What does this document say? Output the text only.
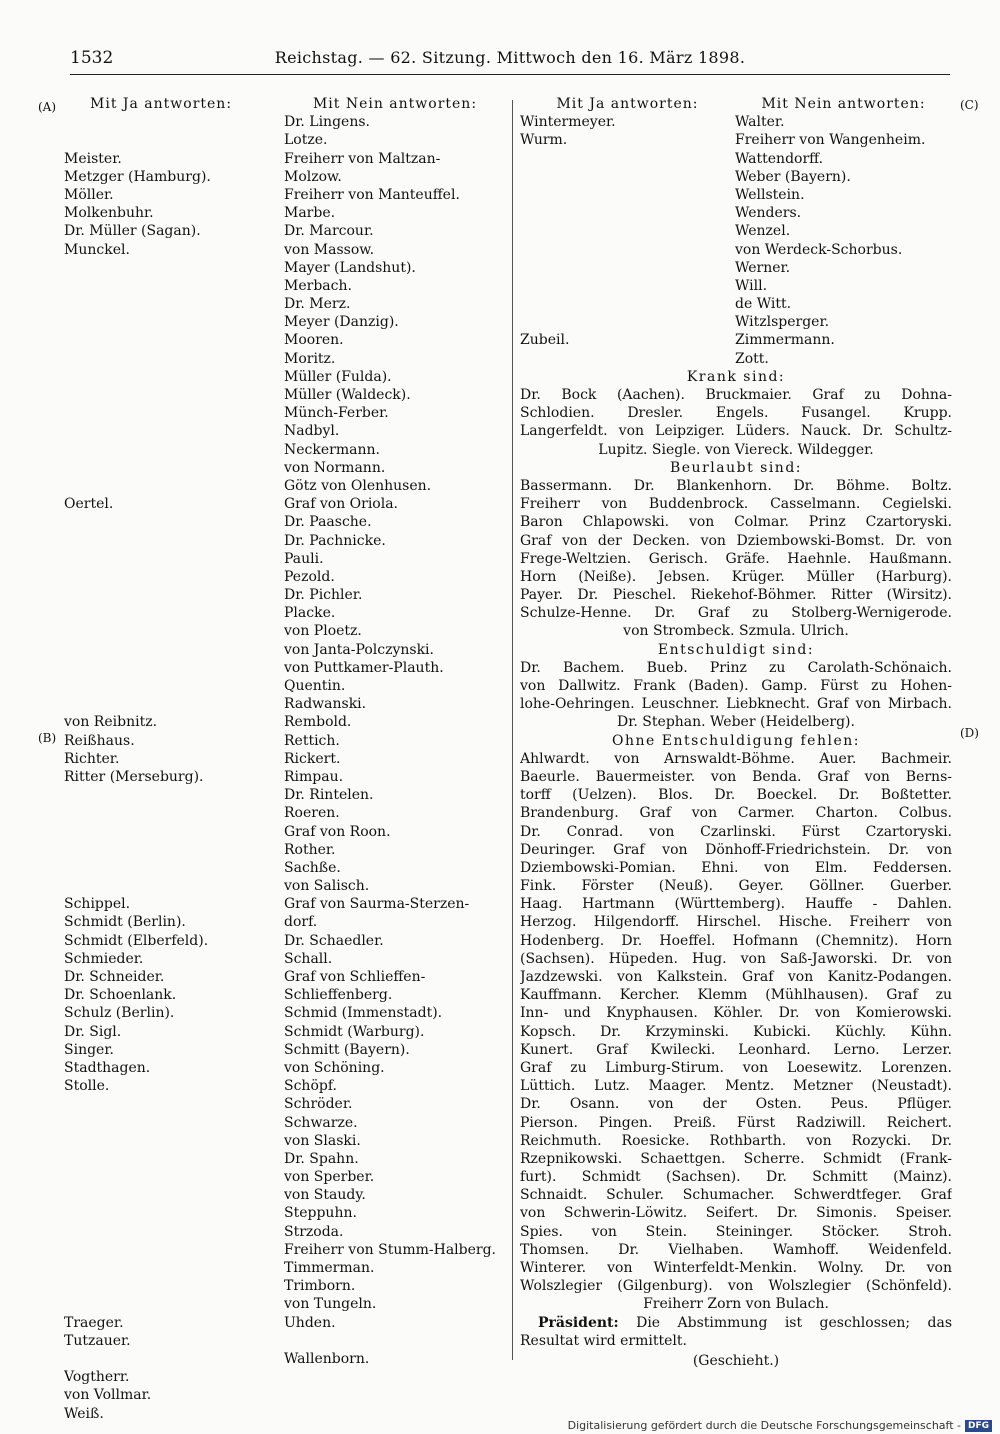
1532	Reichstag. — 62. Sitzung. Mittwoch den 16. März 1898.
(A)
(B)
(C)
(D)
Mit Ja antworten:
Meister.
Metzger (Hamburg).
Möller.
Molkenbuhr.
Dr. Müller (Sagan).
Munckel.
Oertel.
von Reibnitz.
Reißhaus.
Richter.
Ritter (Merseburg).
Schippel.
Schmidt (Berlin).
Schmidt (Elberfeld).
Schmieder.
Dr. Schneider.
Dr. Schoenlank.
Schulz (Berlin).
Dr. Sigl.
Singer.
Stadthagen.
Stolle.
Traeger.
Tutzauer.
Vogtherr.
von Vollmar.
Weiß.
Mit Nein antworten:
Dr. Lingens.
Lotze.
Freiherr von Maltzan-
Molzow.
Freiherr von Manteuffel.
Marbe.
Dr. Marcour.
von Massow.
Mayer (Landshut).
Merbach.
Dr. Merz.
Meyer (Danzig).
Mooren.
Moritz.
Müller (Fulda).
Müller (Waldeck).
Münch-Ferber.
Nadbyl.
Neckermann.
von Normann.
Götz von Olenhusen.
Graf von Oriola.
Dr. Paasche.
Dr. Pachnicke.
Pauli.
Pezold.
Dr. Pichler.
Placke.
von Ploetz.
von Janta-Polczynski.
von Puttkamer-Plauth.
Quentin.
Radwanski.
Rembold.
Rettich.
Rickert.
Rimpau.
Dr. Rintelen.
Roeren.
Graf von Roon.
Rother.
Sachße.
von Salisch.
Graf von Saurma-Sterzen-
dorf.
Dr. Schaedler.
Schall.
Graf von Schlieffen-
Schlieffenberg.
Schmid (Immenstadt).
Schmidt (Warburg).
Schmitt (Bayern).
von Schöning.
Schöpf.
Schröder.
Schwarze.
von Slaski.
Dr. Spahn.
von Sperber.
von Staudy.
Steppuhn.
Strzoda.
Freiherr von Stumm-Halberg.
Timmerman.
Trimborn.
von Tungeln.
Uhden.
Wallenborn.
Mit Ja antworten:	Mit Nein antworten:
Wintermeyer.
Wurm.
Zubeil.
Walter.
Freiherr von Wangenheim.
Wattendorff.
Weber (Bayern).
Wellstein.
Wenders.
Wenzel.
von Werdeck-Schorbus.
Werner.
Will.
de Witt.
Witzlsperger.
Zimmermann.
Zott.
Krank sind:
Dr. Bock (Aachen). Bruckmaier. Graf zu Dohna-
Schlodien. Dresler. Engels. Fusangel. Krupp.
Langerfeldt. von Leipziger. Lüders. Nauck. Dr. Schultz-
Lupitz. Siegle. von Viereck. Wildegger.
Beurlaubt sind:
Bassermann. Dr. Blankenhorn. Dr. Böhme. Boltz.
Freiherr von Buddenbrock. Casselmann. Cegielski.
Baron Chlapowski. von Colmar. Prinz Czartoryski.
Graf von der Decken. von Dziembowski-Bomst. Dr. von
Frege-Weltzien. Gerisch. Gräfe. Haehnle. Haußmann.
Horn (Neiße). Jebsen. Krüger. Müller (Harburg).
Payer. Dr. Pieschel. Riekehof-Böhmer. Ritter (Wirsitz).
Schulze-Henne. Dr. Graf zu Stolberg-Wernigerode.
von Strombeck. Szmula. Ulrich.
Entschuldigt sind:
Dr. Bachem. Bueb. Prinz zu Carolath-Schönaich.
von Dallwitz. Frank (Baden). Gamp. Fürst zu Hohen-
lohe-Oehringen. Leuschner. Liebknecht. Graf von Mirbach.
Dr. Stephan. Weber (Heidelberg).
Ohne Entschuldigung fehlen:
Ahlwardt. von Arnswaldt-Böhme. Auer. Bachmeir.
Baeurle. Bauermeister. von Benda. Graf von Berns-
torff (Uelzen). Blos. Dr. Boeckel. Dr. Boßtetter.
Brandenburg. Graf von Carmer. Charton. Colbus.
Dr. Conrad. von Czarlinski. Fürst Czartoryski.
Deuringer. Graf von Dönhoff-Friedrichstein. Dr. von
Dziembowski-Pomian. Ehni. von Elm. Feddersen.
Fink. Förster (Neuß). Geyer. Göllner. Guerber.
Haag. Hartmann (Württemberg). Hauffe - Dahlen.
Herzog. Hilgendorff. Hirschel. Hische. Freiherr von
Hodenberg. Dr. Hoeffel. Hofmann (Chemnitz). Horn
(Sachsen). Hüpeden. Hug. von Saß-Jaworski. Dr. von
Jazdzewski. von Kalkstein. Graf von Kanitz-Podangen.
Kauffmann. Kercher. Klemm (Mühlhausen). Graf zu
Inn- und Knyphausen. Köhler. Dr. von Komierowski.
Kopsch. Dr. Krzyminski. Kubicki. Küchly. Kühn.
Kunert. Graf Kwilecki. Leonhard. Lerno. Lerzer.
Graf zu Limburg-Stirum. von Loesewitz. Lorenzen.
Lüttich. Lutz. Maager. Mentz. Metzner (Neustadt).
Dr. Osann. von der Osten. Peus. Pflüger.
Pierson. Pingen. Preiß. Fürst Radziwill. Reichert.
Reichmuth. Roesicke. Rothbarth. von Rozycki. Dr.
Rzepnikowski. Schaettgen. Scherre. Schmidt (Frank-
furt). Schmidt (Sachsen). Dr. Schmitt (Mainz).
Schnaidt. Schuler. Schumacher. Schwerdtfeger. Graf
von Schwerin-Löwitz. Seifert. Dr. Simonis. Speiser.
Spies. von Stein. Steininger. Stöcker. Stroh.
Thomsen. Dr. Vielhaben. Wamhoff. Weidenfeld.
Winterer. von Winterfeldt-Menkin. Wolny. Dr. von
Wolszlegier (Gilgenburg). von Wolszlegier (Schönfeld).
Freiherr Zorn von Bulach.
Präsident: Die Abstimmung ist geschlossen; das
Resultat wird ermittelt.
(Geschieht.)
Digitalisierung gefördert durch die Deutsche Forschungsgemeinschaft - DFG
